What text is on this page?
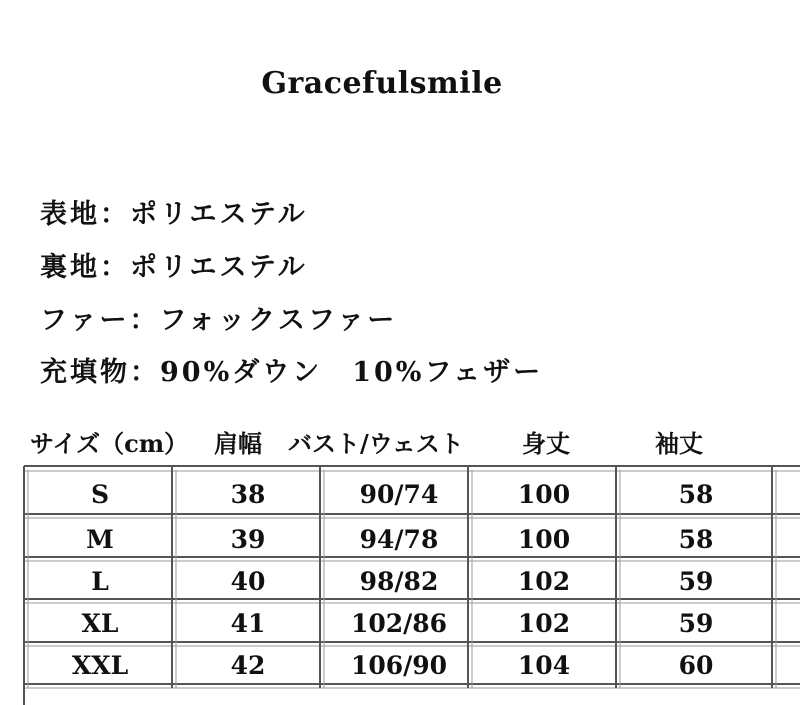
Gracefulsmile
表地：ポリエステル
裏地：ポリエステル
ファー：フォックスファー
充填物：90%ダウン　10%フェザー
サイズ（cm） 肩幅 バスト/ウェスト 身丈	袖丈
S	38	90/74	100	58
M	39	94/78	100	58
L	40	98/82	102	59
XL	41	102/86	102	59
XXL	42	106/90	104	60
